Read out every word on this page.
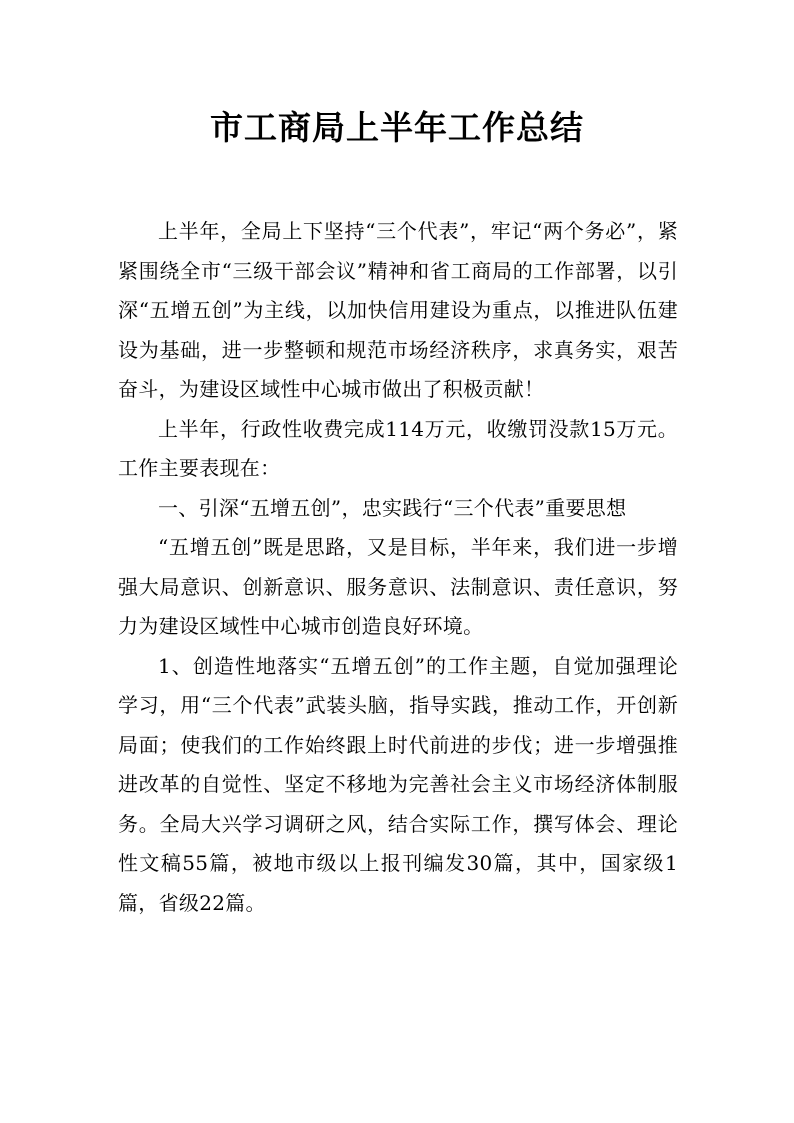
市工商局上半年工作总结

上半年，全局上下坚持“三个代表”，牢记“两个务必”，紧紧围绕全市“三级干部会议”精神和省工商局的工作部署，以引深“五增五创”为主线，以加快信用建设为重点，以推进队伍建设为基础，进一步整顿和规范市场经济秩序，求真务实，艰苦奋斗，为建设区域性中心城市做出了积极贡献！

上半年，行政性收费完成114万元，收缴罚没款15万元。工作主要表现在：

一、引深“五增五创”，忠实践行“三个代表”重要思想

“五增五创”既是思路，又是目标，半年来，我们进一步增强大局意识、创新意识、服务意识、法制意识、责任意识，努力为建设区域性中心城市创造良好环境。

1、创造性地落实“五增五创”的工作主题，自觉加强理论学习，用“三个代表”武装头脑，指导实践，推动工作，开创新局面；使我们的工作始终跟上时代前进的步伐；进一步增强推进改革的自觉性、坚定不移地为完善社会主义市场经济体制服务。全局大兴学习调研之风，结合实际工作，撰写体会、理论性文稿55篇，被地市级以上报刊编发30篇，其中，国家级1篇，省级22篇。
